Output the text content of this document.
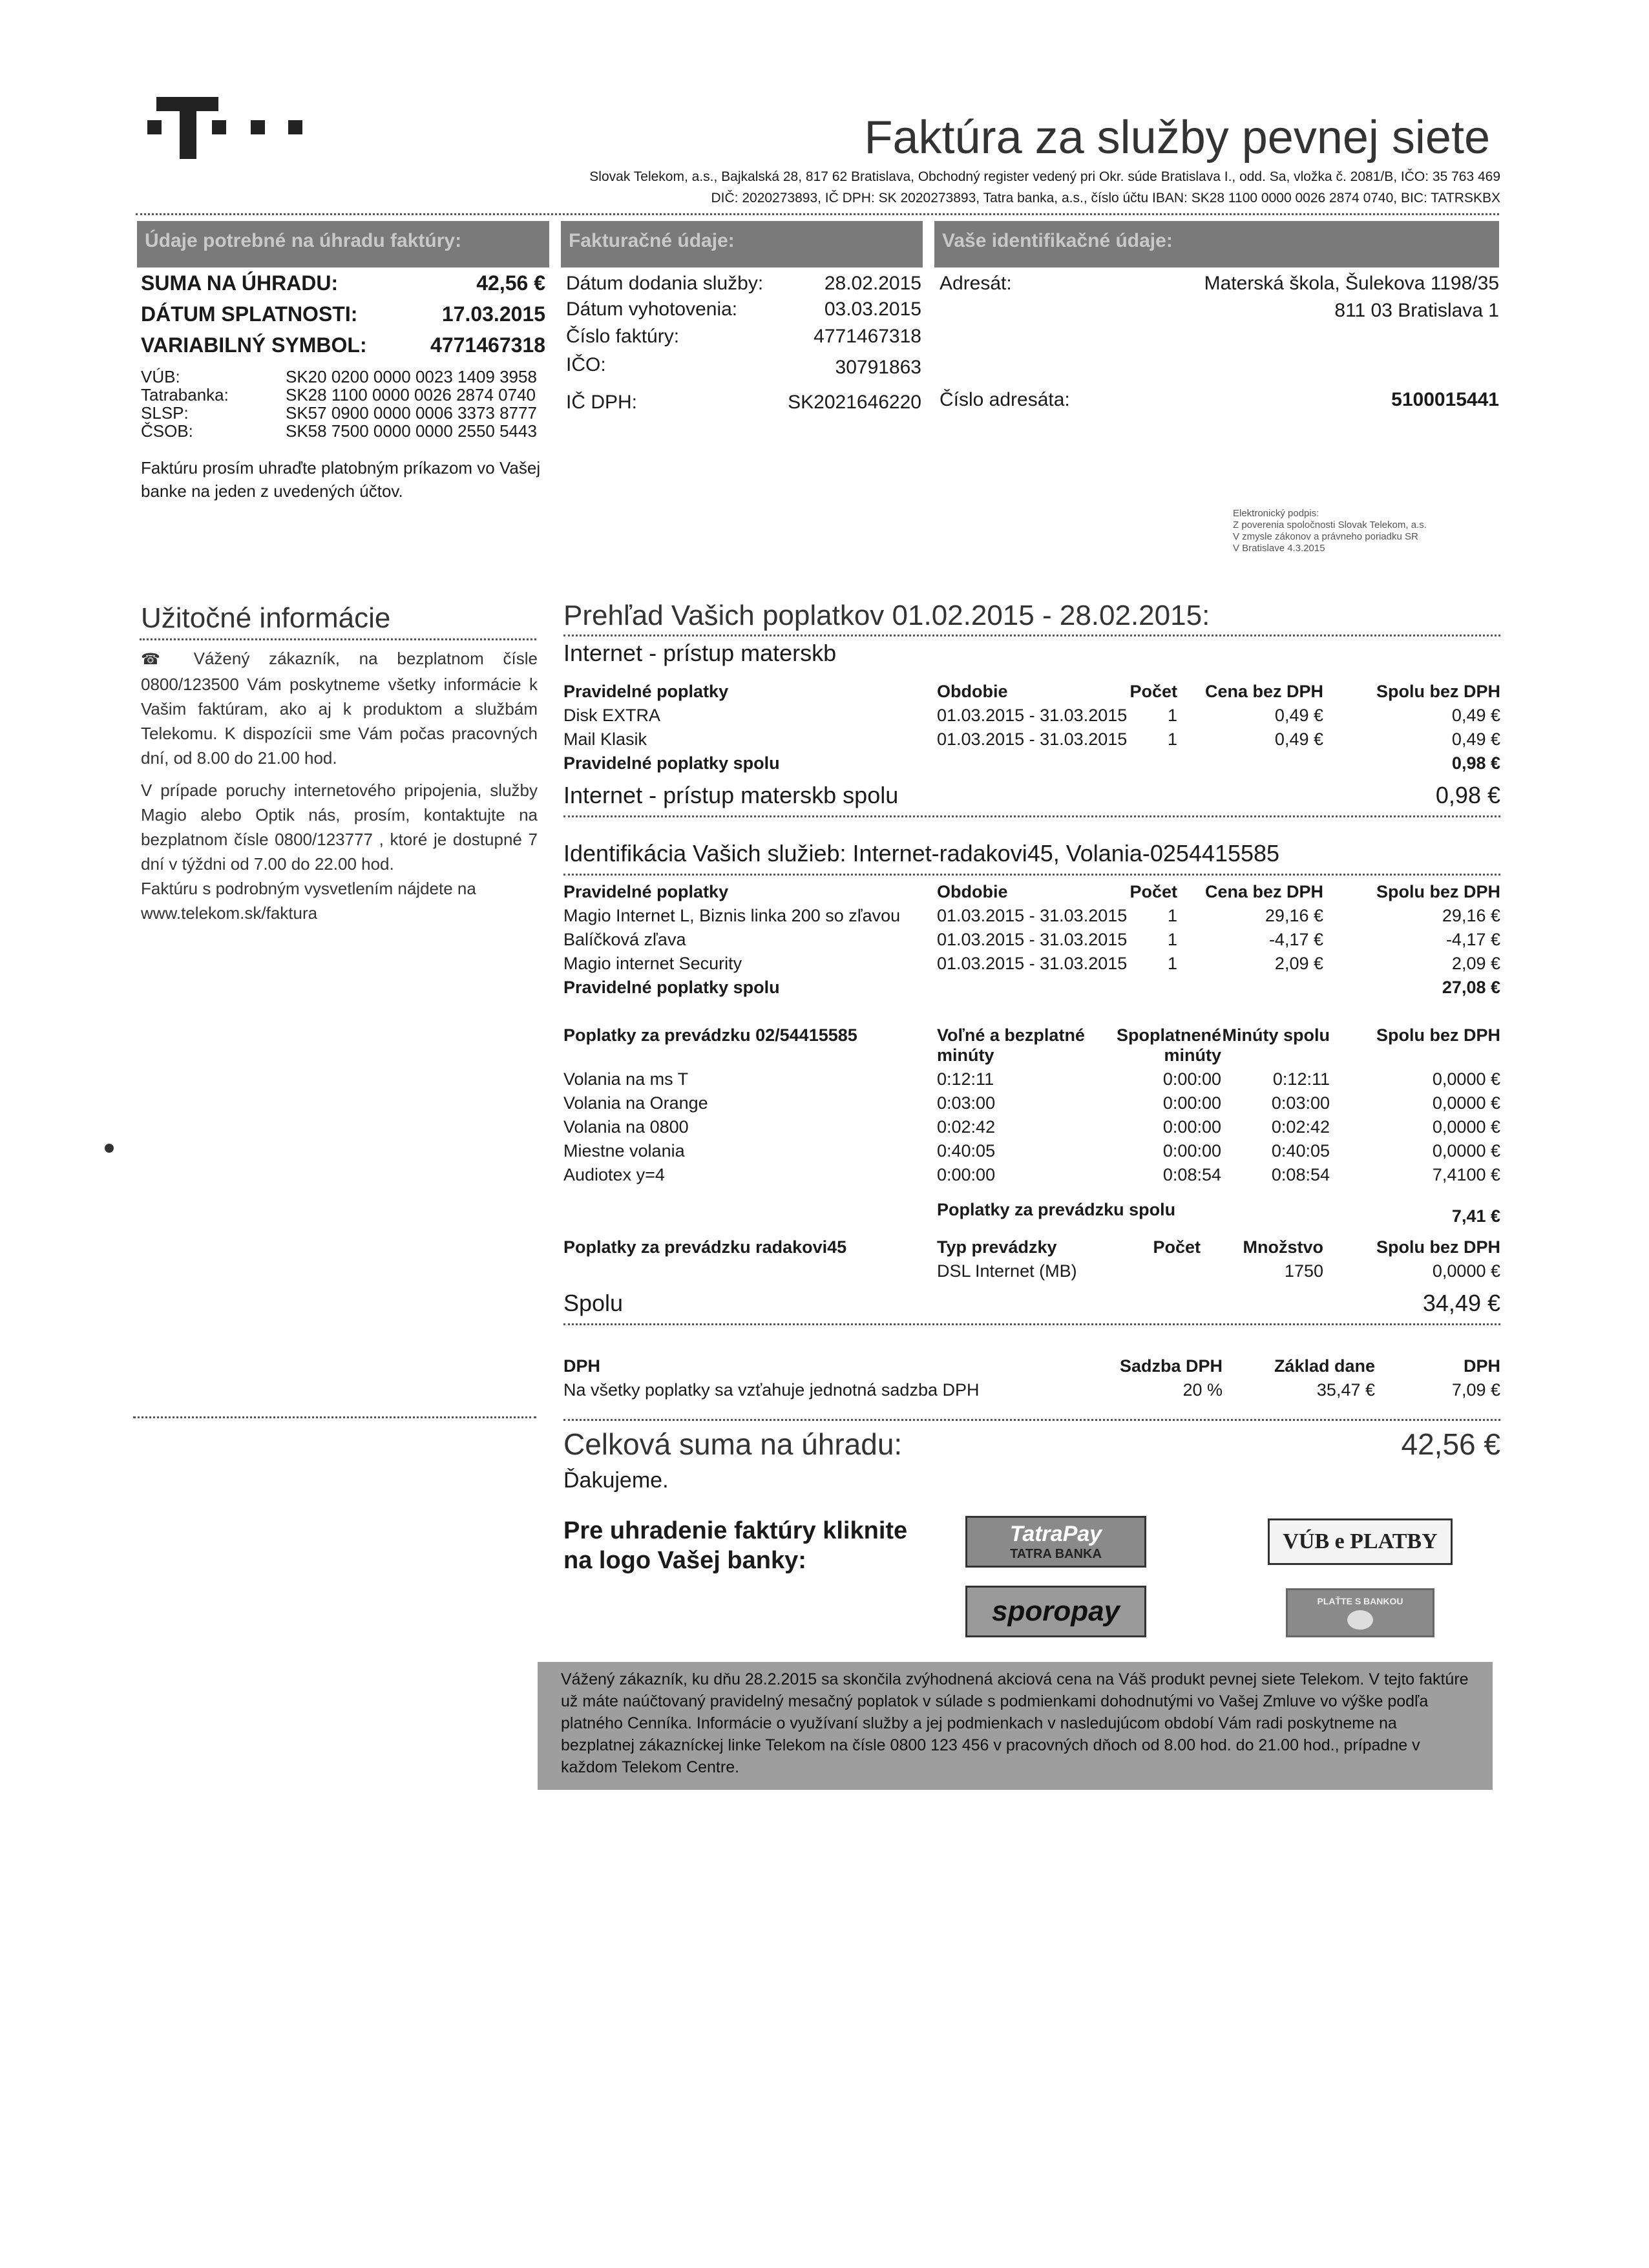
Faktúra za služby pevnej siete
Slovak Telekom, a.s., Bajkalská 28, 817 62 Bratislava, Obchodný register vedený pri Okr. súde Bratislava I., odd. Sa, vložka č. 2081/B, IČO: 35 763 469
DIČ: 2020273893, IČ DPH: SK 2020273893, Tatra banka, a.s., číslo účtu IBAN: SK28 1100 0000 0026 2874 0740, BIC: TATRSKBX
Údaje potrebné na úhradu faktúry:	Fakturačné údaje:	Vaše identifikačné údaje:
SUMA NA ÚHRADU:	42,56 €
DÁTUM SPLATNOSTI:	17.03.2015
VARIABILNÝ SYMBOL:	4771467318
VÚB:	SK20 0200 0000 0023 1409 3958
Tatrabanka:	SK28 1100 0000 0026 2874 0740
SLSP:	SK57 0900 0000 0006 3373 8777
ČSOB:	SK58 7500 0000 0000 2550 5443
Faktúru prosím uhraďte platobným príkazom vo Vašej banke na jeden z uvedených účtov.
Dátum dodania služby:	28.02.2015
Dátum vyhotovenia:	03.03.2015
Číslo faktúry:	4771467318
IČO:	30791863
IČ DPH:	SK2021646220
Adresát:	Materská škola, Šulekova 1198/35
811 03 Bratislava 1
Číslo adresáta:	5100015441
Elektronický podpis:
Z poverenia spoločnosti Slovak Telekom, a.s.
V zmysle zákonov a právneho poriadku SR
V Bratislave 4.3.2015
Užitočné informácie

☎ Vážený zákazník, na bezplatnom čísle 0800/123500 Vám poskytneme všetky informácie k Vašim faktúram, ako aj k produktom a službám Telekomu. K dispozícii sme Vám počas pracovných dní, od 8.00 do 21.00 hod.

V prípade poruchy internetového pripojenia, služby Magio alebo Optik nás, prosím, kontaktujte na bezplatnom čísle 0800/123777 , ktoré je dostupné 7 dní v týždni od 7.00 do 22.00 hod.

Faktúru s podrobným vysvetlením nájdete na www.telekom.sk/faktura

Prehľad Vašich poplatkov 01.02.2015 - 28.02.2015:
Internet - prístup materskb
Pravidelné poplatky	Obdobie	Počet	Cena bez DPH	Spolu bez DPH
Disk EXTRA	01.03.2015 - 31.03.2015	1	0,49 €	0,49 €
Mail Klasik	01.03.2015 - 31.03.2015	1	0,49 €	0,49 €
Pravidelné poplatky spolu				0,98 €
Internet - prístup materskb spolu	0,98 €
Identifikácia Vašich služieb: Internet-radakovi45, Volania-0254415585
Pravidelné poplatky	Obdobie	Počet	Cena bez DPH	Spolu bez DPH
Magio Internet L, Biznis linka 200 so zľavou	01.03.2015 - 31.03.2015	1	29,16 €	29,16 €
Balíčková zľava	01.03.2015 - 31.03.2015	1	-4,17 €	-4,17 €
Magio internet Security	01.03.2015 - 31.03.2015	1	2,09 €	2,09 €
Pravidelné poplatky spolu				27,08 €
Poplatky za prevádzku 02/54415585	Voľné a bezplatné minúty	Spoplatnené minúty	Minúty spolu	Spolu bez DPH
Volania na ms T	0:12:11	0:00:00	0:12:11	0,0000 €
Volania na Orange	0:03:00	0:00:00	0:03:00	0,0000 €
Volania na 0800	0:02:42	0:00:00	0:02:42	0,0000 €
Miestne volania	0:40:05	0:00:00	0:40:05	0,0000 €
Audiotex y=4	0:00:00	0:08:54	0:08:54	7,4100 €
	Poplatky za prevádzku spolu			7,41 €
Poplatky za prevádzku radakovi45	Typ prevádzky	Počet	Množstvo	Spolu bez DPH
	DSL Internet (MB)		1750	0,0000 €
Spolu	34,49 €
DPH	Sadzba DPH	Základ dane	DPH
Na všetky poplatky sa vzťahuje jednotná sadzba DPH	20 %	35,47 €	7,09 €
Celková suma na úhradu:	42,56 €
Ďakujeme.
Pre uhradenie faktúry kliknite
na logo Vašej banky:
TatraPay
TATRA BANKA
VÚB e PLATBY
sporopay	PLAŤTE S BANKOU

Vážený zákazník, ku dňu 28.2.2015 sa skončila zvýhodnená akciová cena na Váš produkt pevnej siete Telekom. V tejto faktúre už máte naúčtovaný pravidelný mesačný poplatok v súlade s podmienkami dohodnutými vo Vašej Zmluve vo výške podľa platného Cenníka. Informácie o využívaní služby a jej podmienkach v nasledujúcom období Vám radi poskytneme na bezplatnej zákazníckej linke Telekom na čísle 0800 123 456 v pracovných dňoch od 8.00 hod. do 21.00 hod., prípadne v každom Telekom Centre.
